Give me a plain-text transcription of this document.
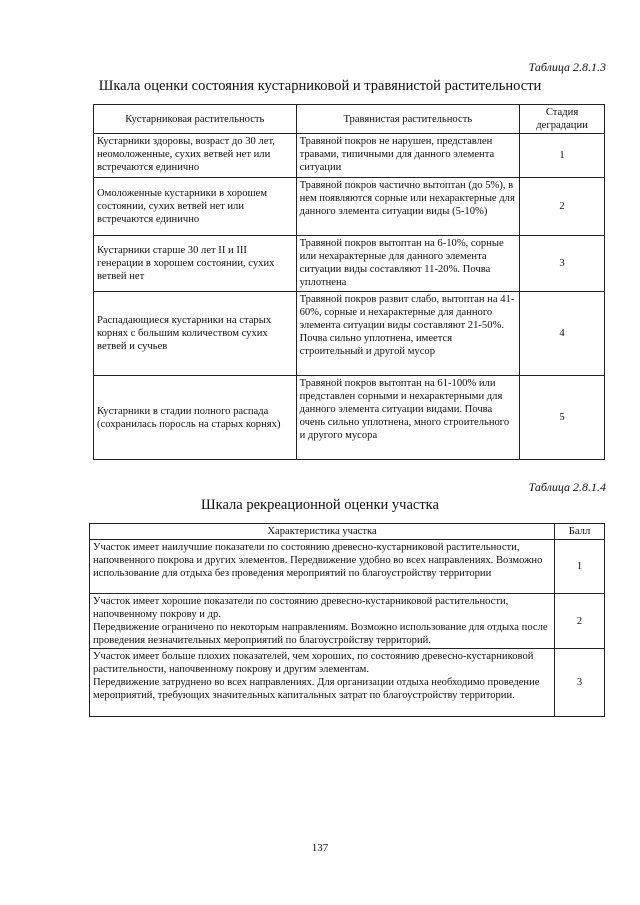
Таблица 2.8.1.3
Шкала оценки состояния кустарниковой и травянистой растительности
Кустарниковая растительность	Травянистая растительность	Стадия деградации
Кустарники здоровы, возраст до 30 лет, неомоложенные, сухих ветвей нет или встречаются единично	Травяной покров не нарушен, представлен травами, типичными для данного элемента ситуации	1
Омоложенные кустарники в хорошем состоянии, сухих ветвей нет или встречаются единично	Травяной покров частично вытоптан (до 5%), в нем появляются сорные или нехарактерные для данного элемента ситуации виды (5-10%)	2
Кустарники старше 30 лет II и III генерации в хорошем состоянии, сухих ветвей нет	Травяной покров вытоптан на 6-10%, сорные или нехарактерные для данного элемента ситуации виды составляют 11-20%. Почва уплотнена	3
Распадающиеся кустарники на старых корнях с большим количеством сухих ветвей и сучьев	Травяной покров развит слабо, вытоптан на 41-60%, сорные и нехарактерные для данного элемента ситуации виды составляют 21-50%.
Почва сильно уплотнена, имеется строительный и другой мусор	4
Кустарники в стадии полного распада (сохранилась поросль на старых корнях)	Травяной покров вытоптан на 61-100% или представлен сорными и нехарактерными для данного элемента ситуации видами. Почва очень сильно уплотнена, много строительного и другого мусора	5
Таблица 2.8.1.4
Шкала рекреационной оценки участка
Характеристика участка	Балл
Участок имеет наилучшие показатели по состоянию древесно-кустарниковой растительности, напочвенного покрова и других элементов. Передвижение удобно во всех направлениях. Возможно использование для отдыха без проведения мероприятий по благоустройству территории	1

Участок имеет хорошие показатели по состоянию древесно-кустарниковой растительности, напочвенному покрову и др.
Передвижение ограничено по некоторым направлениям. Возможно использование для отдыха после проведения незначительных мероприятий по благоустройству территорий.	2

Участок имеет больше плохих показателей, чем хороших, по состоянию древесно-кустарниковой растительности, напочвенному покрову и другим элементам.
Передвижение затруднено во всех направлениях. Для организации отдыха необходимо проведение мероприятий, требующих значительных капитальных затрат по благоустройству территории.	3
137
